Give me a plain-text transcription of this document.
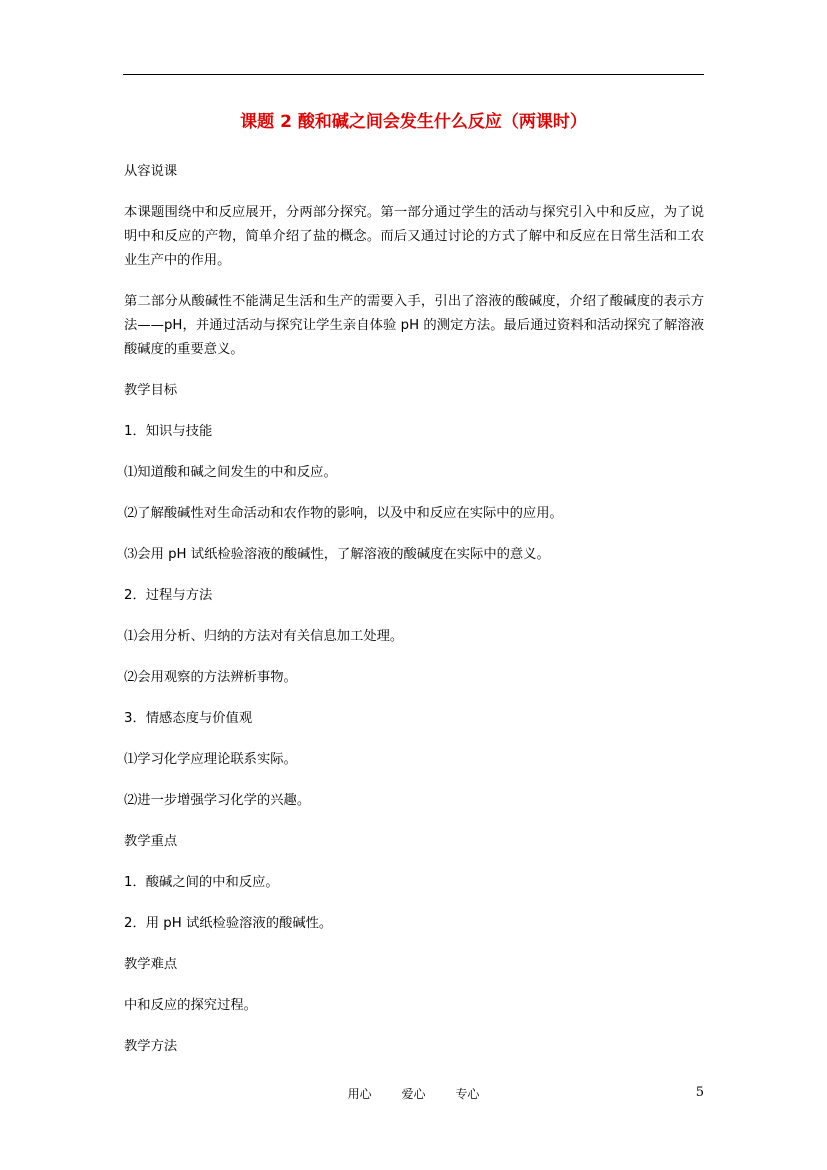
课题 2 酸和碱之间会发生什么反应（两课时）

从容说课

本课题围绕中和反应展开，分两部分探究。第一部分通过学生的活动与探究引入中和反应，为了说明中和反应的产物，简单介绍了盐的概念。而后又通过讨论的方式了解中和反应在日常生活和工农业生产中的作用。

第二部分从酸碱性不能满足生活和生产的需要入手，引出了溶液的酸碱度，介绍了酸碱度的表示方法——pH，并通过活动与探究让学生亲自体验 pH 的测定方法。最后通过资料和活动探究了解溶液酸碱度的重要意义。

教学目标

1．知识与技能

⑴知道酸和碱之间发生的中和反应。

⑵了解酸碱性对生命活动和农作物的影响，以及中和反应在实际中的应用。

⑶会用 pH 试纸检验溶液的酸碱性，了解溶液的酸碱度在实际中的意义。

2．过程与方法

⑴会用分析、归纳的方法对有关信息加工处理。

⑵会用观察的方法辨析事物。

3．情感态度与价值观

⑴学习化学应理论联系实际。

⑵进一步增强学习化学的兴趣。

教学重点

1．酸碱之间的中和反应。

2．用 pH 试纸检验溶液的酸碱性。

教学难点

中和反应的探究过程。

教学方法

用心 爱心 专心	5
